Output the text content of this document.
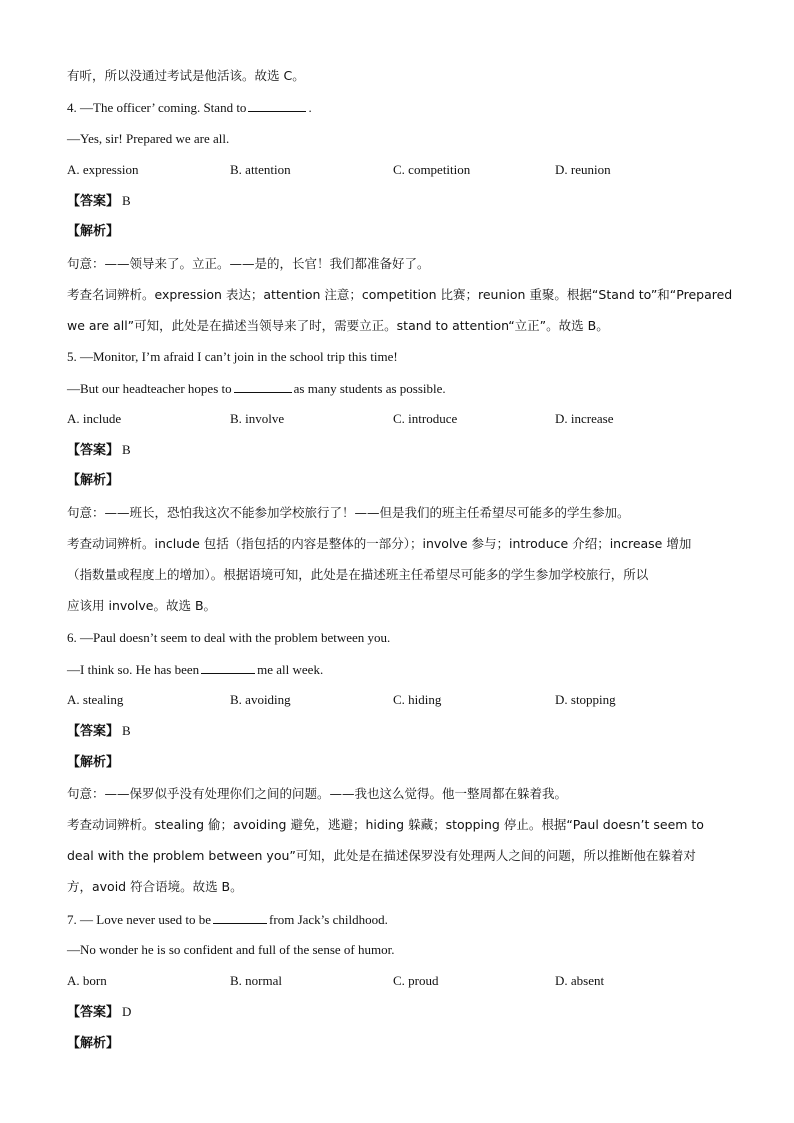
有听，所以没通过考试是他活该。故选 C。
4. —The officer’ coming. Stand to	.
—Yes, sir! Prepared we are all.
A. expression	B. attention	C. competition	D. reunion
【答案】 B
【解析】
句意：——领导来了。立正。——是的，长官！我们都准备好了。
考查名词辨析。expression 表达；attention 注意；competition 比赛；reunion 重聚。根据“Stand to”和“Prepared
we are all”可知，此处是在描述当领导来了时，需要立正。stand to attention“立正”。故选 B。
5. —Monitor, I’m afraid I can’t join in the school trip this time!
—But our headteacher hopes to	as many students as possible.
A. include	B. involve	C. introduce	D. increase
【答案】 B
【解析】
句意：——班长，恐怕我这次不能参加学校旅行了！——但是我们的班主任希望尽可能多的学生参加。
考查动词辨析。include 包括（指包括的内容是整体的一部分）；involve 参与；introduce 介绍；increase 增加
（指数量或程度上的增加）。根据语境可知，此处是在描述班主任希望尽可能多的学生参加学校旅行，所以
应该用 involve。故选 B。
6. —Paul doesn’t seem to deal with the problem between you.
—I think so. He has been	me all week.
A. stealing	B. avoiding	C. hiding	D. stopping
【答案】 B
【解析】
句意：——保罗似乎没有处理你们之间的问题。——我也这么觉得。他一整周都在躲着我。
考查动词辨析。stealing 偷；avoiding 避免，逃避；hiding 躲藏；stopping 停止。根据“Paul doesn’t seem to
deal with the problem between you”可知，此处是在描述保罗没有处理两人之间的问题，所以推断他在躲着对
方，avoid 符合语境。故选 B。
7. — Love never used to be	from Jack’s childhood.
—No wonder he is so confident and full of the sense of humor.
A. born	B. normal	C. proud	D. absent
【答案】 D
【解析】
